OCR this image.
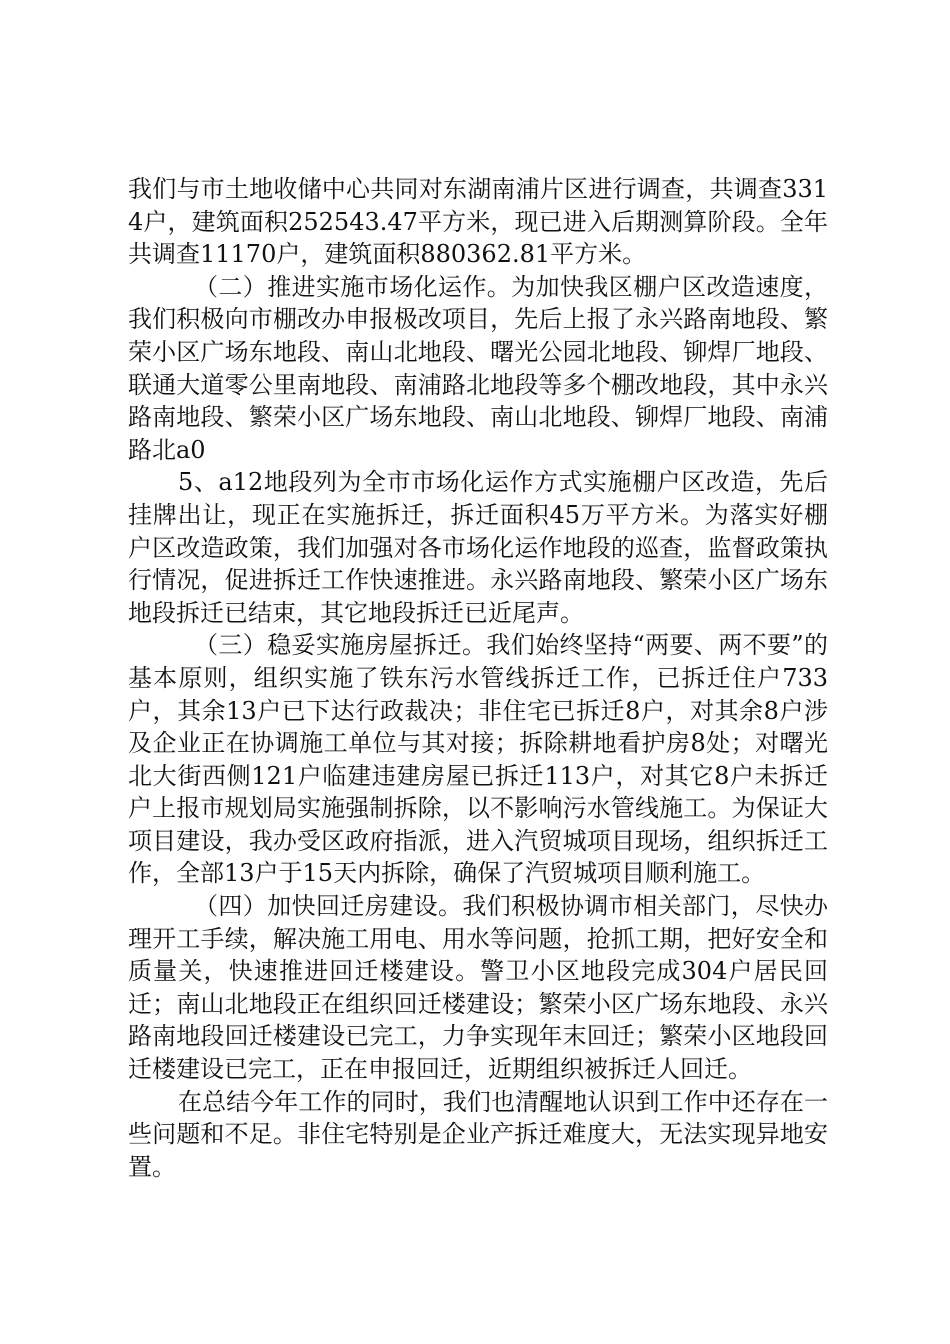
我们与市土地收储中心共同对东湖南浦片区进行调查，共调查3314户，建筑面积252543.47平方米，现已进入后期测算阶段。全年共调查11170户，建筑面积880362.81平方米。

（二）推进实施市场化运作。为加快我区棚户区改造速度，我们积极向市棚改办申报极改项目，先后上报了永兴路南地段、繁荣小区广场东地段、南山北地段、曙光公园北地段、铆焊厂地段、联通大道零公里南地段、南浦路北地段等多个棚改地段，其中永兴路南地段、繁荣小区广场东地段、南山北地段、铆焊厂地段、南浦路北a0

5、a12地段列为全市市场化运作方式实施棚户区改造，先后挂牌出让，现正在实施拆迁，拆迁面积45万平方米。为落实好棚户区改造政策，我们加强对各市场化运作地段的巡查，监督政策执行情况，促进拆迁工作快速推进。永兴路南地段、繁荣小区广场东地段拆迁已结束，其它地段拆迁已近尾声。

（三）稳妥实施房屋拆迁。我们始终坚持“两要、两不要”的基本原则，组织实施了铁东污水管线拆迁工作，已拆迁住户733户，其余13户已下达行政裁决；非住宅已拆迁8户，对其余8户涉及企业正在协调施工单位与其对接；拆除耕地看护房8处；对曙光北大街西侧121户临建违建房屋已拆迁113户，对其它8户未拆迁户上报市规划局实施强制拆除，以不影响污水管线施工。为保证大项目建设，我办受区政府指派，进入汽贸城项目现场，组织拆迁工作，全部13户于15天内拆除，确保了汽贸城项目顺利施工。

（四）加快回迁房建设。我们积极协调市相关部门，尽快办理开工手续，解决施工用电、用水等问题，抢抓工期，把好安全和质量关，快速推进回迁楼建设。警卫小区地段完成304户居民回迁；南山北地段正在组织回迁楼建设；繁荣小区广场东地段、永兴路南地段回迁楼建设已完工，力争实现年末回迁；繁荣小区地段回迁楼建设已完工，正在申报回迁，近期组织被拆迁人回迁。

在总结今年工作的同时，我们也清醒地认识到工作中还存在一些问题和不足。非住宅特别是企业产拆迁难度大，无法实现异地安置。
